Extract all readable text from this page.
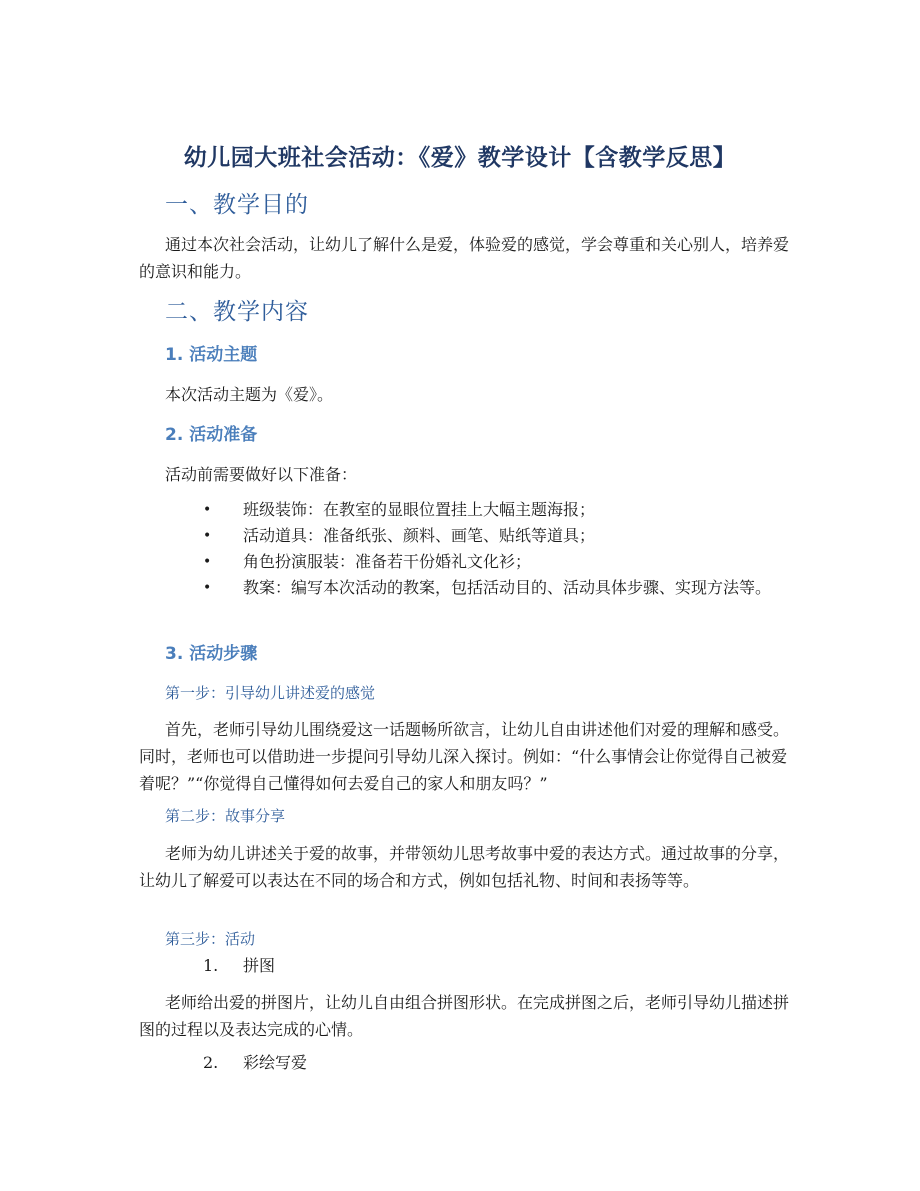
幼儿园大班社会活动：《爱》教学设计【含教学反思】
一、教学目的

通过本次社会活动，让幼儿了解什么是爱，体验爱的感觉，学会尊重和关心别人，培养爱的意识和能力。

二、教学内容
1. 活动主题
本次活动主题为《爱》。
2. 活动准备
活动前需要做好以下准备：
• 班级装饰：在教室的显眼位置挂上大幅主题海报；
• 活动道具：准备纸张、颜料、画笔、贴纸等道具；
• 角色扮演服装：准备若干份婚礼文化衫；
• 教案：编写本次活动的教案，包括活动目的、活动具体步骤、实现方法等。
3. 活动步骤
第一步：引导幼儿讲述爱的感觉

首先，老师引导幼儿围绕爱这一话题畅所欲言，让幼儿自由讲述他们对爱的理解和感受。同时，老师也可以借助进一步提问引导幼儿深入探讨。例如：“什么事情会让你觉得自己被爱着呢？”“你觉得自己懂得如何去爱自己的家人和朋友吗？”

第二步：故事分享

老师为幼儿讲述关于爱的故事，并带领幼儿思考故事中爱的表达方式。通过故事的分享，让幼儿了解爱可以表达在不同的场合和方式，例如包括礼物、时间和表扬等等。

第三步：活动
1. 拼图

老师给出爱的拼图片，让幼儿自由组合拼图形状。在完成拼图之后，老师引导幼儿描述拼图的过程以及表达完成的心情。

2. 彩绘写爱
